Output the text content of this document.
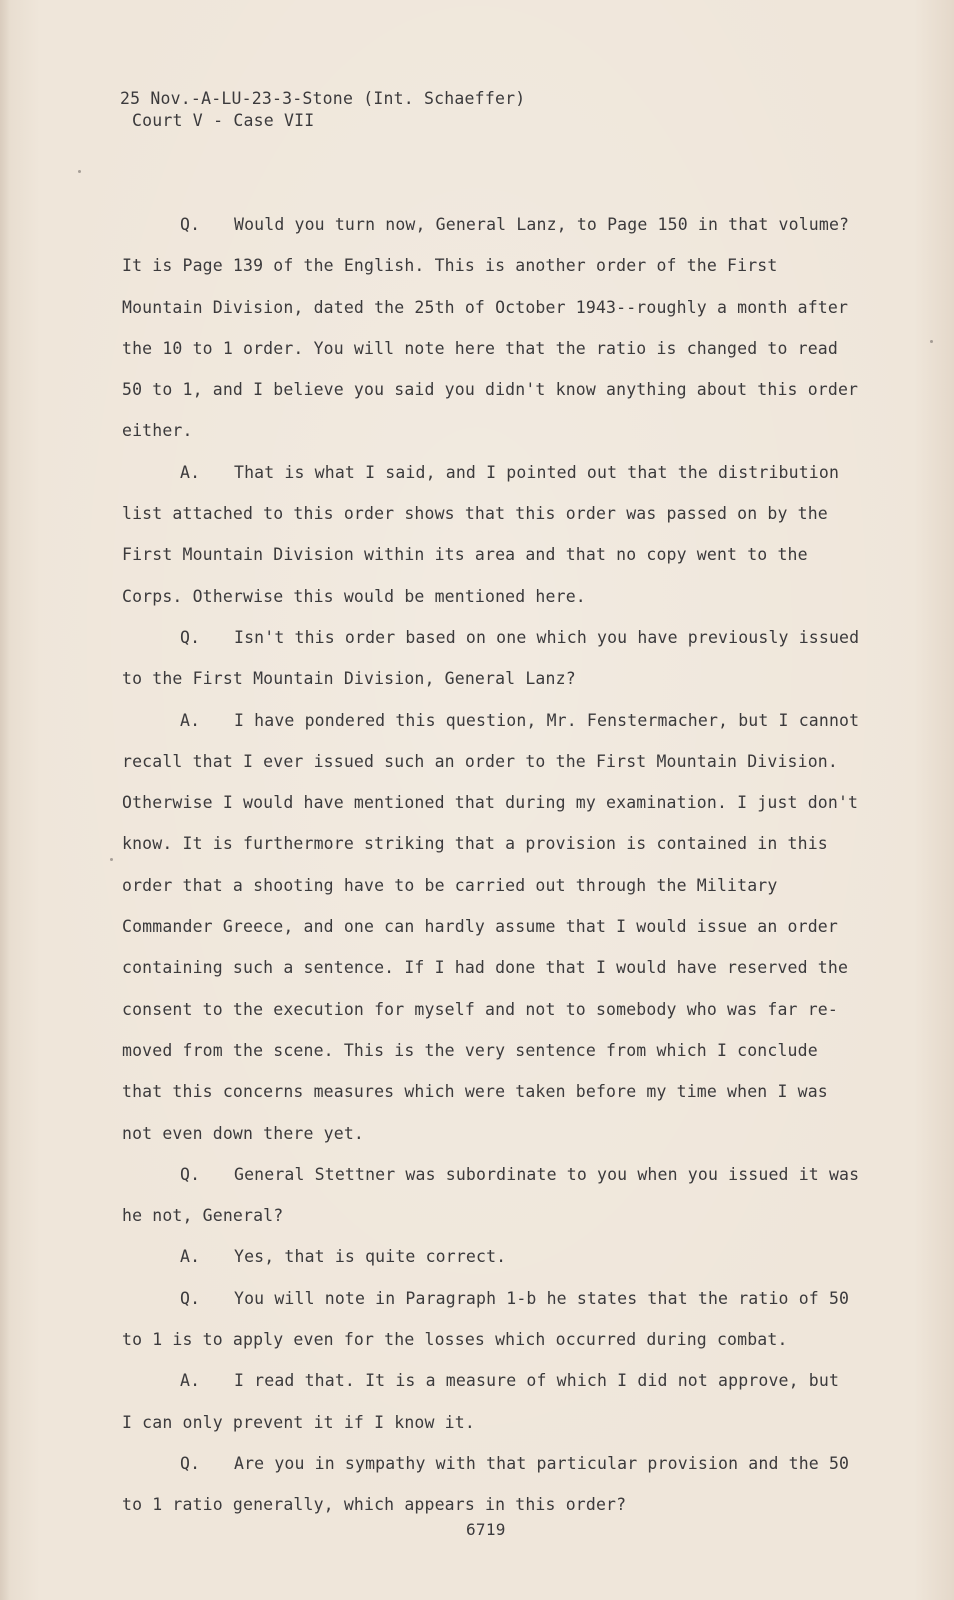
25 Nov.-A-LU-23-3-Stone (Int. Schaeffer)
Court V - Case VII
Q. Would you turn now, General Lanz, to Page 150 in that volume?
It is Page 139 of the English. This is another order of the First
Mountain Division, dated the 25th of October 1943--roughly a month after
the 10 to 1 order. You will note here that the ratio is changed to read
50 to 1, and I believe you said you didn't know anything about this order
either.
A. That is what I said, and I pointed out that the distribution
list attached to this order shows that this order was passed on by the
First Mountain Division within its area and that no copy went to the
Corps. Otherwise this would be mentioned here.
Q. Isn't this order based on one which you have previously issued
to the First Mountain Division, General Lanz?
A. I have pondered this question, Mr. Fenstermacher, but I cannot
recall that I ever issued such an order to the First Mountain Division.
Otherwise I would have mentioned that during my examination. I just don't
know. It is furthermore striking that a provision is contained in this
order that a shooting have to be carried out through the Military
Commander Greece, and one can hardly assume that I would issue an order
containing such a sentence. If I had done that I would have reserved the
consent to the execution for myself and not to somebody who was far re-
moved from the scene. This is the very sentence from which I conclude
that this concerns measures which were taken before my time when I was
not even down there yet.
Q. General Stettner was subordinate to you when you issued it was
he not, General?
A. Yes, that is quite correct.
Q. You will note in Paragraph 1-b he states that the ratio of 50
to 1 is to apply even for the losses which occurred during combat.
A. I read that. It is a measure of which I did not approve, but
I can only prevent it if I know it.
Q. Are you in sympathy with that particular provision and the 50
to 1 ratio generally, which appears in this order?
6719
